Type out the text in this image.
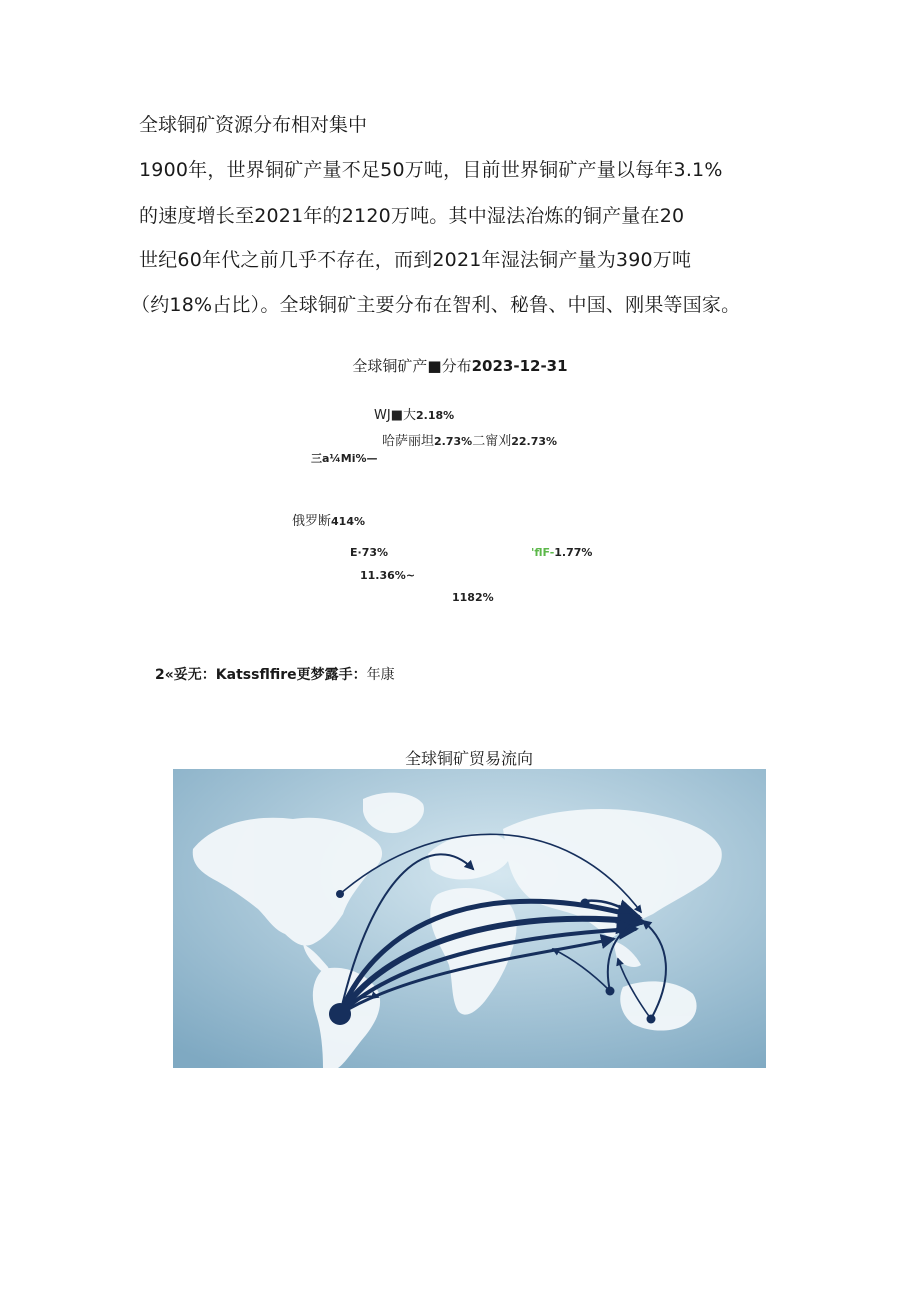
全球铜矿资源分布相对集中
1900年，世界铜矿产量不足50万吨，目前世界铜矿产量以每年3.1%
的速度增长至2021年的2120万吨。其中湿法冶炼的铜产量在20
世纪60年代之前几乎不存在，而到2021年湿法铜产量为390万吨
（约18%占比）。全球铜矿主要分布在智利、秘鲁、中国、刚果等国家。
全球铜矿产■分布2023-12-31
WJ■大2.18%
哈萨丽坦2.73%二甯刈22.73%
三a¼Mi%—
俄罗断414%
E·73%	'flF-1.77%
11.36%~
1182%
2«妥无：Katssflfire更梦露手：年康
全球铜矿贸易流向
